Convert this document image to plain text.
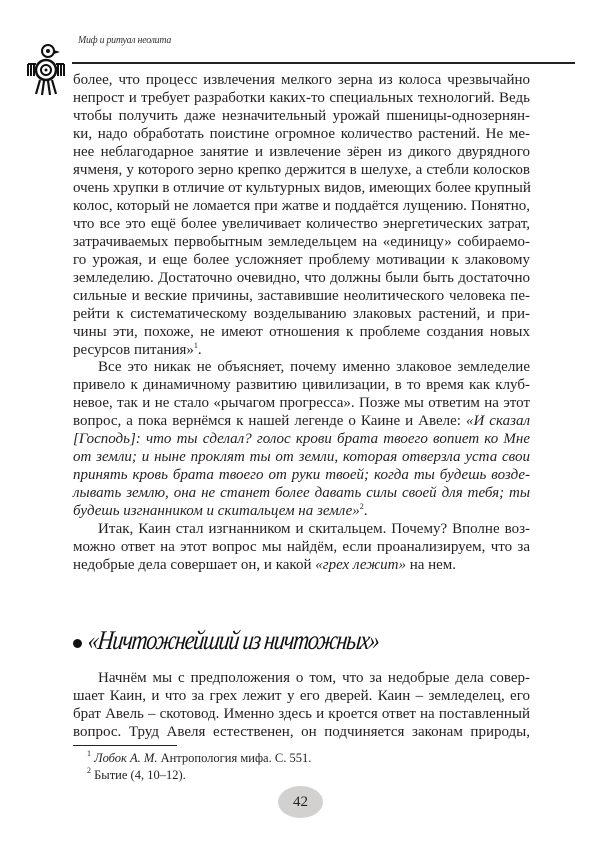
Миф и ритуал неолита
более, что процесс извлечения мелкого зерна из колоса чрезвычайно
непрост и требует разработки каких-то специальных технологий. Ведь
чтобы получить даже незначительный урожай пшеницы-однозернян-
ки, надо обработать поистине огромное количество растений. Не ме-
нее неблагодарное занятие и извлечение зёрен из дикого двурядного
ячменя, у которого зерно крепко держится в шелухе, а стебли колосков
очень хрупки в отличие от культурных видов, имеющих более крупный
колос, который не ломается при жатве и поддаётся лущению. Понятно,
что все это ещё более увеличивает количество энергетических затрат,
затрачиваемых первобытным земледельцем на «единицу» собираемо-
го урожая, и еще более усложняет проблему мотивации к злаковому
земледелию. Достаточно очевидно, что должны были быть достаточно
сильные и веские причины, заставившие неолитического человека пе-
рейти к систематическому возделыванию злаковых растений, и при-
чины эти, похоже, не имеют отношения к проблеме создания новых
ресурсов питания»$^1$.
Все это никак не объясняет, почему именно злаковое земледелие
привело к динамичному развитию цивилизации, в то время как клуб-
невое, так и не стало «рычагом прогресса». Позже мы ответим на этот
вопрос, а пока вернёмся к нашей легенде о Каине и Авеле: «И сказал
[Господь]: что ты сделал? голос крови брата твоего вопиет ко Мне
от земли; и ныне проклят ты от земли, которая отверзла уста свои
принять кровь брата твоего от руки твоей; когда ты будешь возде-
лывать землю, она не станет более давать силы своей для тебя; ты
будешь изгнанником и скитальцем на земле»$^2$.
Итак, Каин стал изгнанником и скитальцем. Почему? Вполне воз-
можно ответ на этот вопрос мы найдём, если проанализируем, что за
недобрые дела совершает он, и какой «грех лежит» на нем.
«Ничтожнейший из ничтожных»
Начнём мы с предположения о том, что за недобрые дела совер-
шает Каин, и что за грех лежит у его дверей. Каин – земледелец, его
брат Авель – скотовод. Именно здесь и кроется ответ на поставленный
вопрос. Труд Авеля естественен, он подчиняется законам природы,
$^1$ Лобок А. М. Антропология мифа. С. 551.
$^2$ Бытие (4, 10–12).
42
